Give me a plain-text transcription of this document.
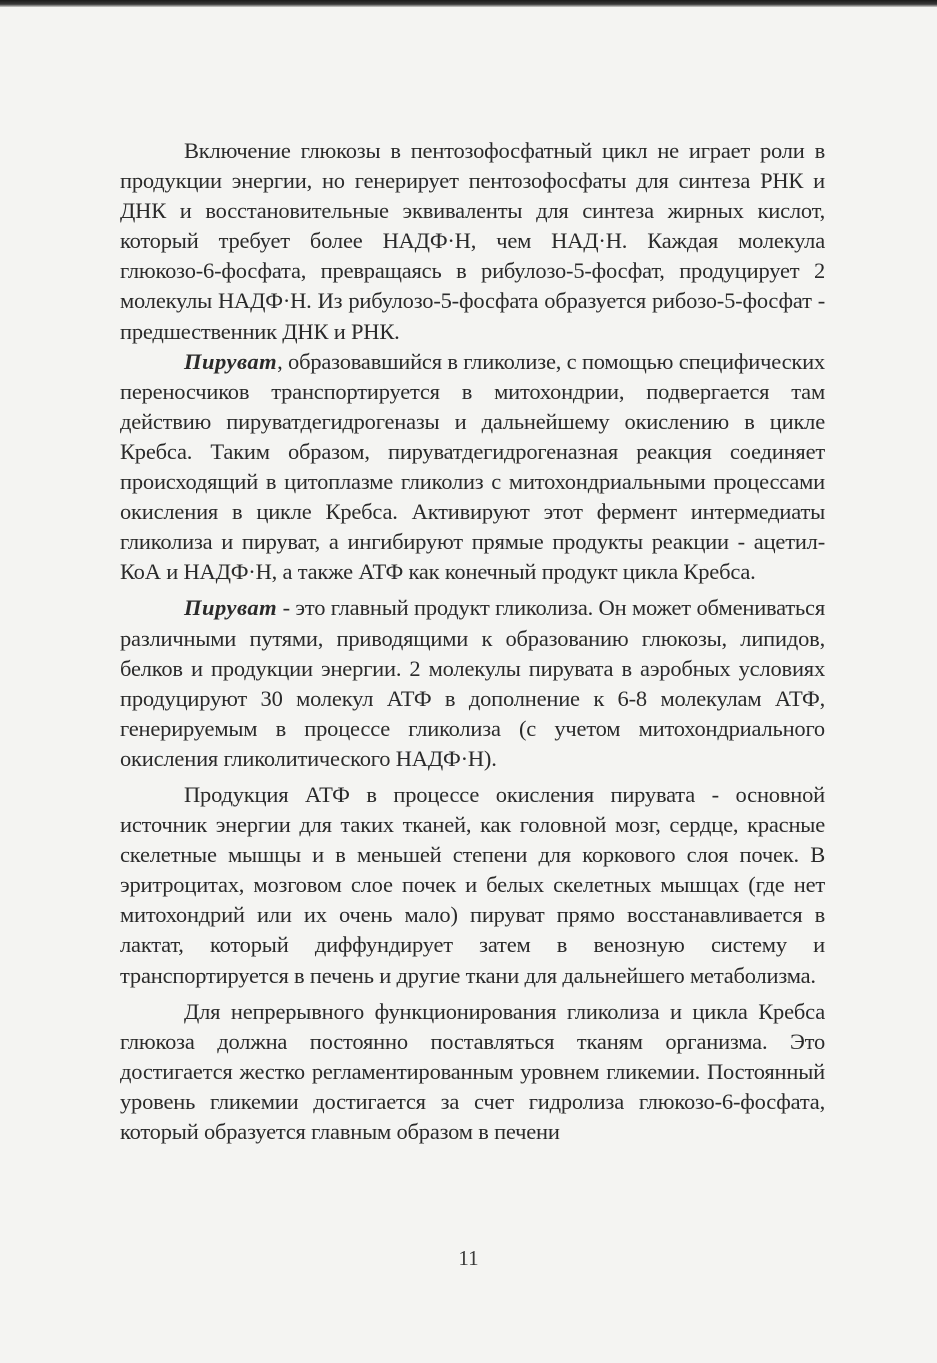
Включение глюкозы в пентозофосфатный цикл не играет роли в продукции энергии, но генерирует пентозофосфаты для синтеза РНК и ДНК и восстановительные эквиваленты для синтеза жирных кислот, который требует более НАДФ·Н, чем НАД·Н. Каждая молекула глюкозо-6-фосфата, превращаясь в рибулозо-5-фосфат, продуцирует 2 молекулы НАДФ·Н. Из рибулозо-5-фосфата образуется рибозо-5-фосфат - предшественник ДНК и РНК.

Пируват, образовавшийся в гликолизе, с помощью специфических переносчиков транспортируется в митохондрии, подвергается там действию пируватдегидрогеназы и дальнейшему окислению в цикле Кребса. Таким образом, пируватдегидрогеназная реакция соединяет происходящий в цитоплазме гликолиз с митохондриальными процессами окисления в цикле Кребса. Активируют этот фермент интермедиаты гликолиза и пируват, а ингибируют прямые продукты реакции - ацетил-КоА и НАДФ·Н, а также АТФ как конечный продукт цикла Кребса.

Пируват - это главный продукт гликолиза. Он может обмениваться различными путями, приводящими к образованию глюкозы, липидов, белков и продукции энергии. 2 молекулы пирувата в аэробных условиях продуцируют 30 молекул АТФ в дополнение к 6-8 молекулам АТФ, генерируемым в процессе гликолиза (с учетом митохондриального окисления гликолитического НАДФ·Н).

Продукция АТФ в процессе окисления пирувата - основной источник энергии для таких тканей, как головной мозг, сердце, красные скелетные мышцы и в меньшей степени для коркового слоя почек. В эритроцитах, мозговом слое почек и белых скелетных мышцах (где нет митохондрий или их очень мало) пируват прямо восстанавливается в лактат, который диффундирует затем в венозную систему и транспортируется в печень и другие ткани для дальнейшего метаболизма.

Для непрерывного функционирования гликолиза и цикла Кребса глюкоза должна постоянно поставляться тканям организма. Это достигается жестко регламентированным уровнем гликемии. Постоянный уровень гликемии достигается за счет гидролиза глюкозо-6-фосфата, который образуется главным образом в печени

11
